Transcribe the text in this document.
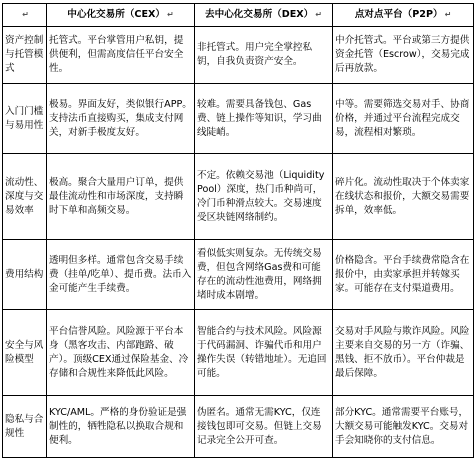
↵	中心化交易所（CEX） ↵	去中心化交易所（DEX） ↵	点对点平台（P2P） ↵
资产控制与托管模式	托管式。平台掌管用户私钥，提供便利，但需高度信任平台安全性。	非托管式。用户完全掌控私钥，自我负责资产安全。	中介托管式。平台或第三方提供资金托管（Escrow），交易完成后再放款。
入门门槛与易用性	极易。界面友好，类似银行APP。支持法币直接购买，集成支付网关，对新手极度友好。	较难。需要具备钱包、Gas费、链上操作等知识，学习曲线陡峭。	中等。需要筛选交易对手、协商价格，并通过平台流程完成交易，流程相对繁琐。
流动性、深度与交易效率	极高。聚合大量用户订单，提供最佳流动性和市场深度，支持瞬时下单和高频交易。	不定。依赖交易池（Liquidity Pool）深度，热门币种尚可，冷门币种滑点较大。交易速度受区块链网络制约。	碎片化。流动性取决于个体卖家在线状态和报价，大额交易需要拆单，效率低。
费用结构	透明但多样。通常包含交易手续费（挂单/吃单）、提币费。法币入金可能产生手续费。	看似低实则复杂。无传统交易费，但包含网络Gas费和可能存在的流动性池费用，网络拥堵时成本剧增。	价格隐含。平台手续费常隐含在报价中，由卖家承担并转嫁买家。可能存在支付渠道费用。
安全与风险模型	平台信誉风险。风险源于平台本身（黑客攻击、内部跑路、破产）。顶级CEX通过保险基金、冷存储和合规性来降低此风险。	智能合约与技术风险。风险源于代码漏洞、诈骗代币和用户操作失误（转错地址）。无追回可能。	交易对手风险与欺诈风险。风险主要来自交易的另一方（诈骗、黑钱、拒不放币）。平台仲裁是最后保障。
隐私与合规性	KYC/AML。严格的身份验证是强制性的，牺牲隐私以换取合规和便利。	伪匿名。通常无需KYC，仅连接钱包即可交易。但链上交易记录完全公开可查。	部分KYC。通常需要平台账号，大额交易可能触发KYC。交易对手会知晓你的支付信息。
